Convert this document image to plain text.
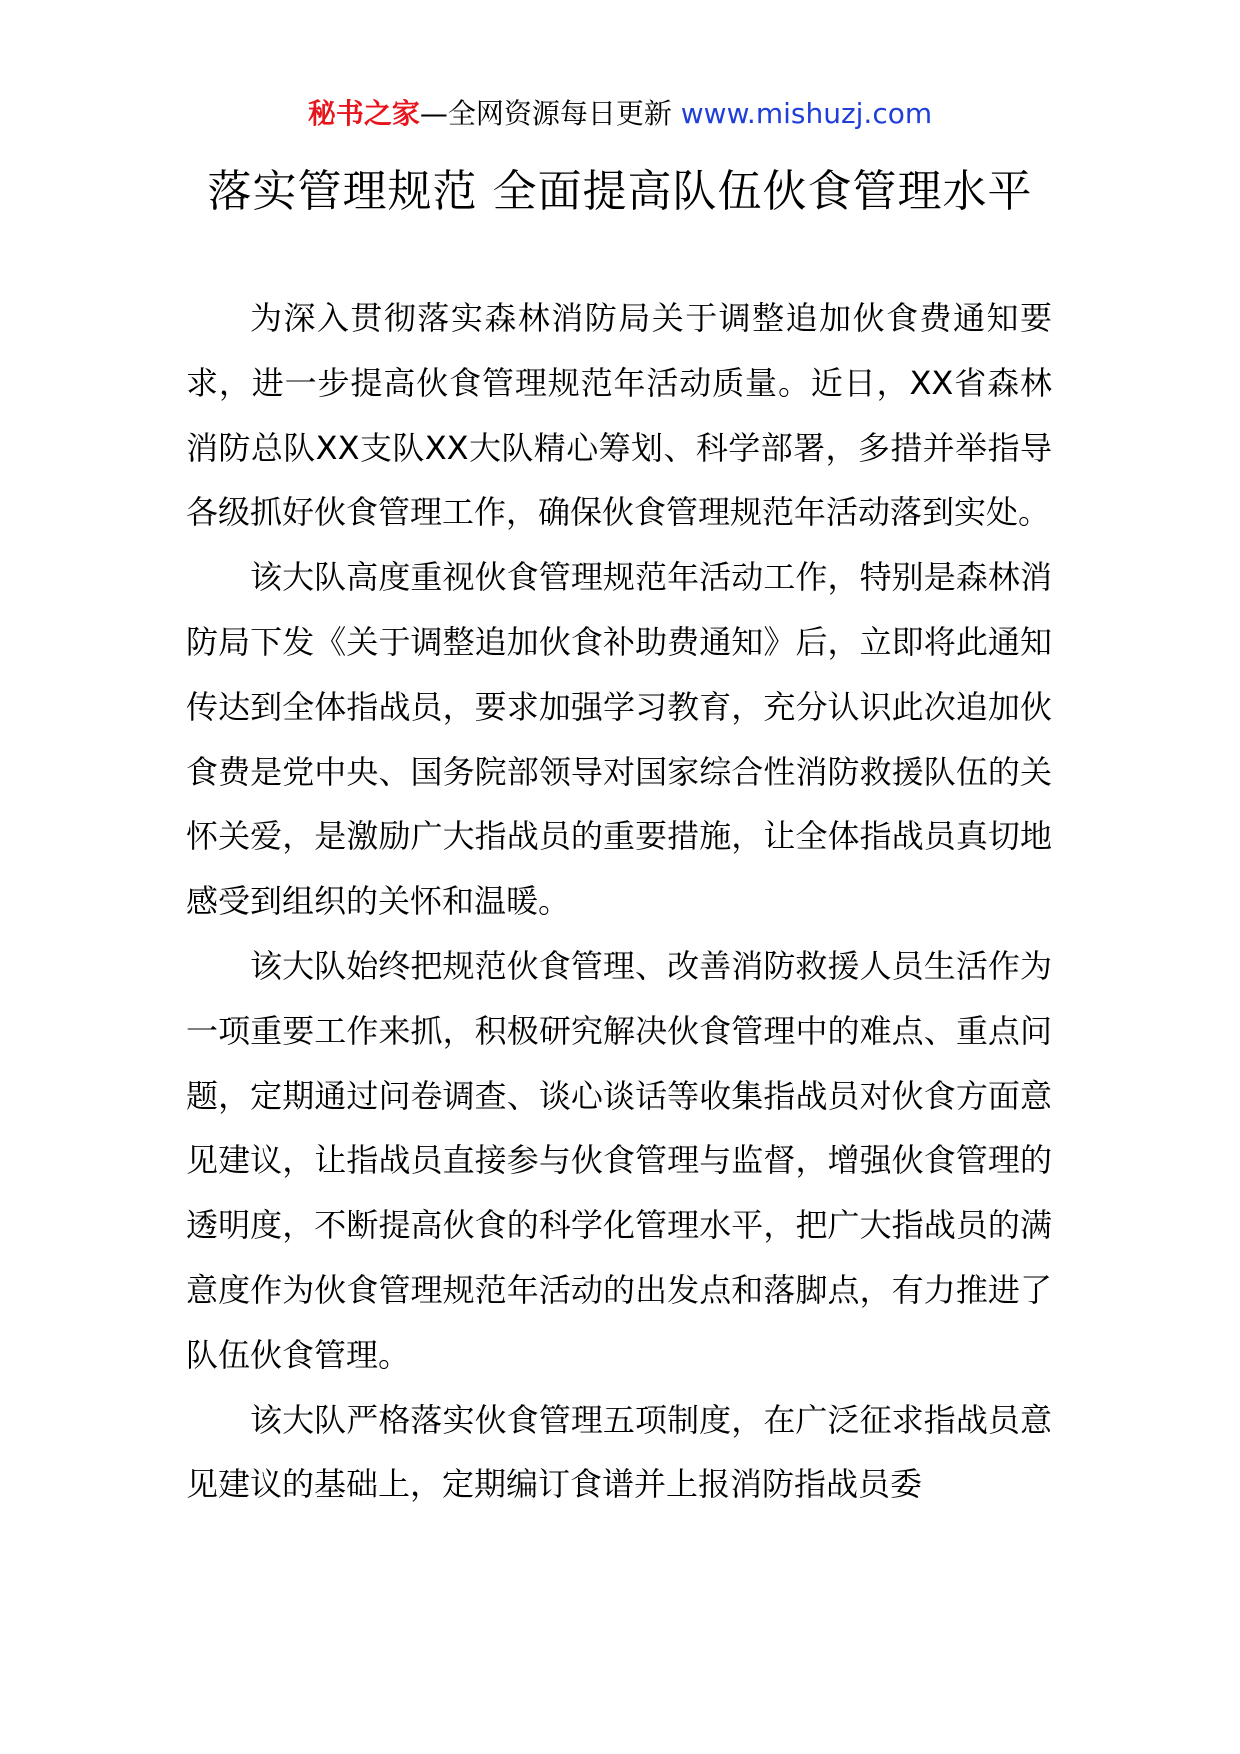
秘书之家—全网资源每日更新 www.mishuzj.com
落实管理规范 全面提高队伍伙食管理水平

为深入贯彻落实森林消防局关于调整追加伙食费通知要求，进一步提高伙食管理规范年活动质量。近日，XX省森林消防总队XX支队XX大队精心筹划、科学部署，多措并举指导各级抓好伙食管理工作，确保伙食管理规范年活动落到实处。

该大队高度重视伙食管理规范年活动工作，特别是森林消防局下发《关于调整追加伙食补助费通知》后，立即将此通知传达到全体指战员，要求加强学习教育，充分认识此次追加伙食费是党中央、国务院部领导对国家综合性消防救援队伍的关怀关爱，是激励广大指战员的重要措施，让全体指战员真切地感受到组织的关怀和温暖。

该大队始终把规范伙食管理、改善消防救援人员生活作为一项重要工作来抓，积极研究解决伙食管理中的难点、重点问题，定期通过问卷调查、谈心谈话等收集指战员对伙食方面意见建议，让指战员直接参与伙食管理与监督，增强伙食管理的透明度，不断提高伙食的科学化管理水平，把广大指战员的满意度作为伙食管理规范年活动的出发点和落脚点，有力推进了队伍伙食管理。

该大队严格落实伙食管理五项制度，在广泛征求指战员意见建议的基础上，定期编订食谱并上报消防指战员委
